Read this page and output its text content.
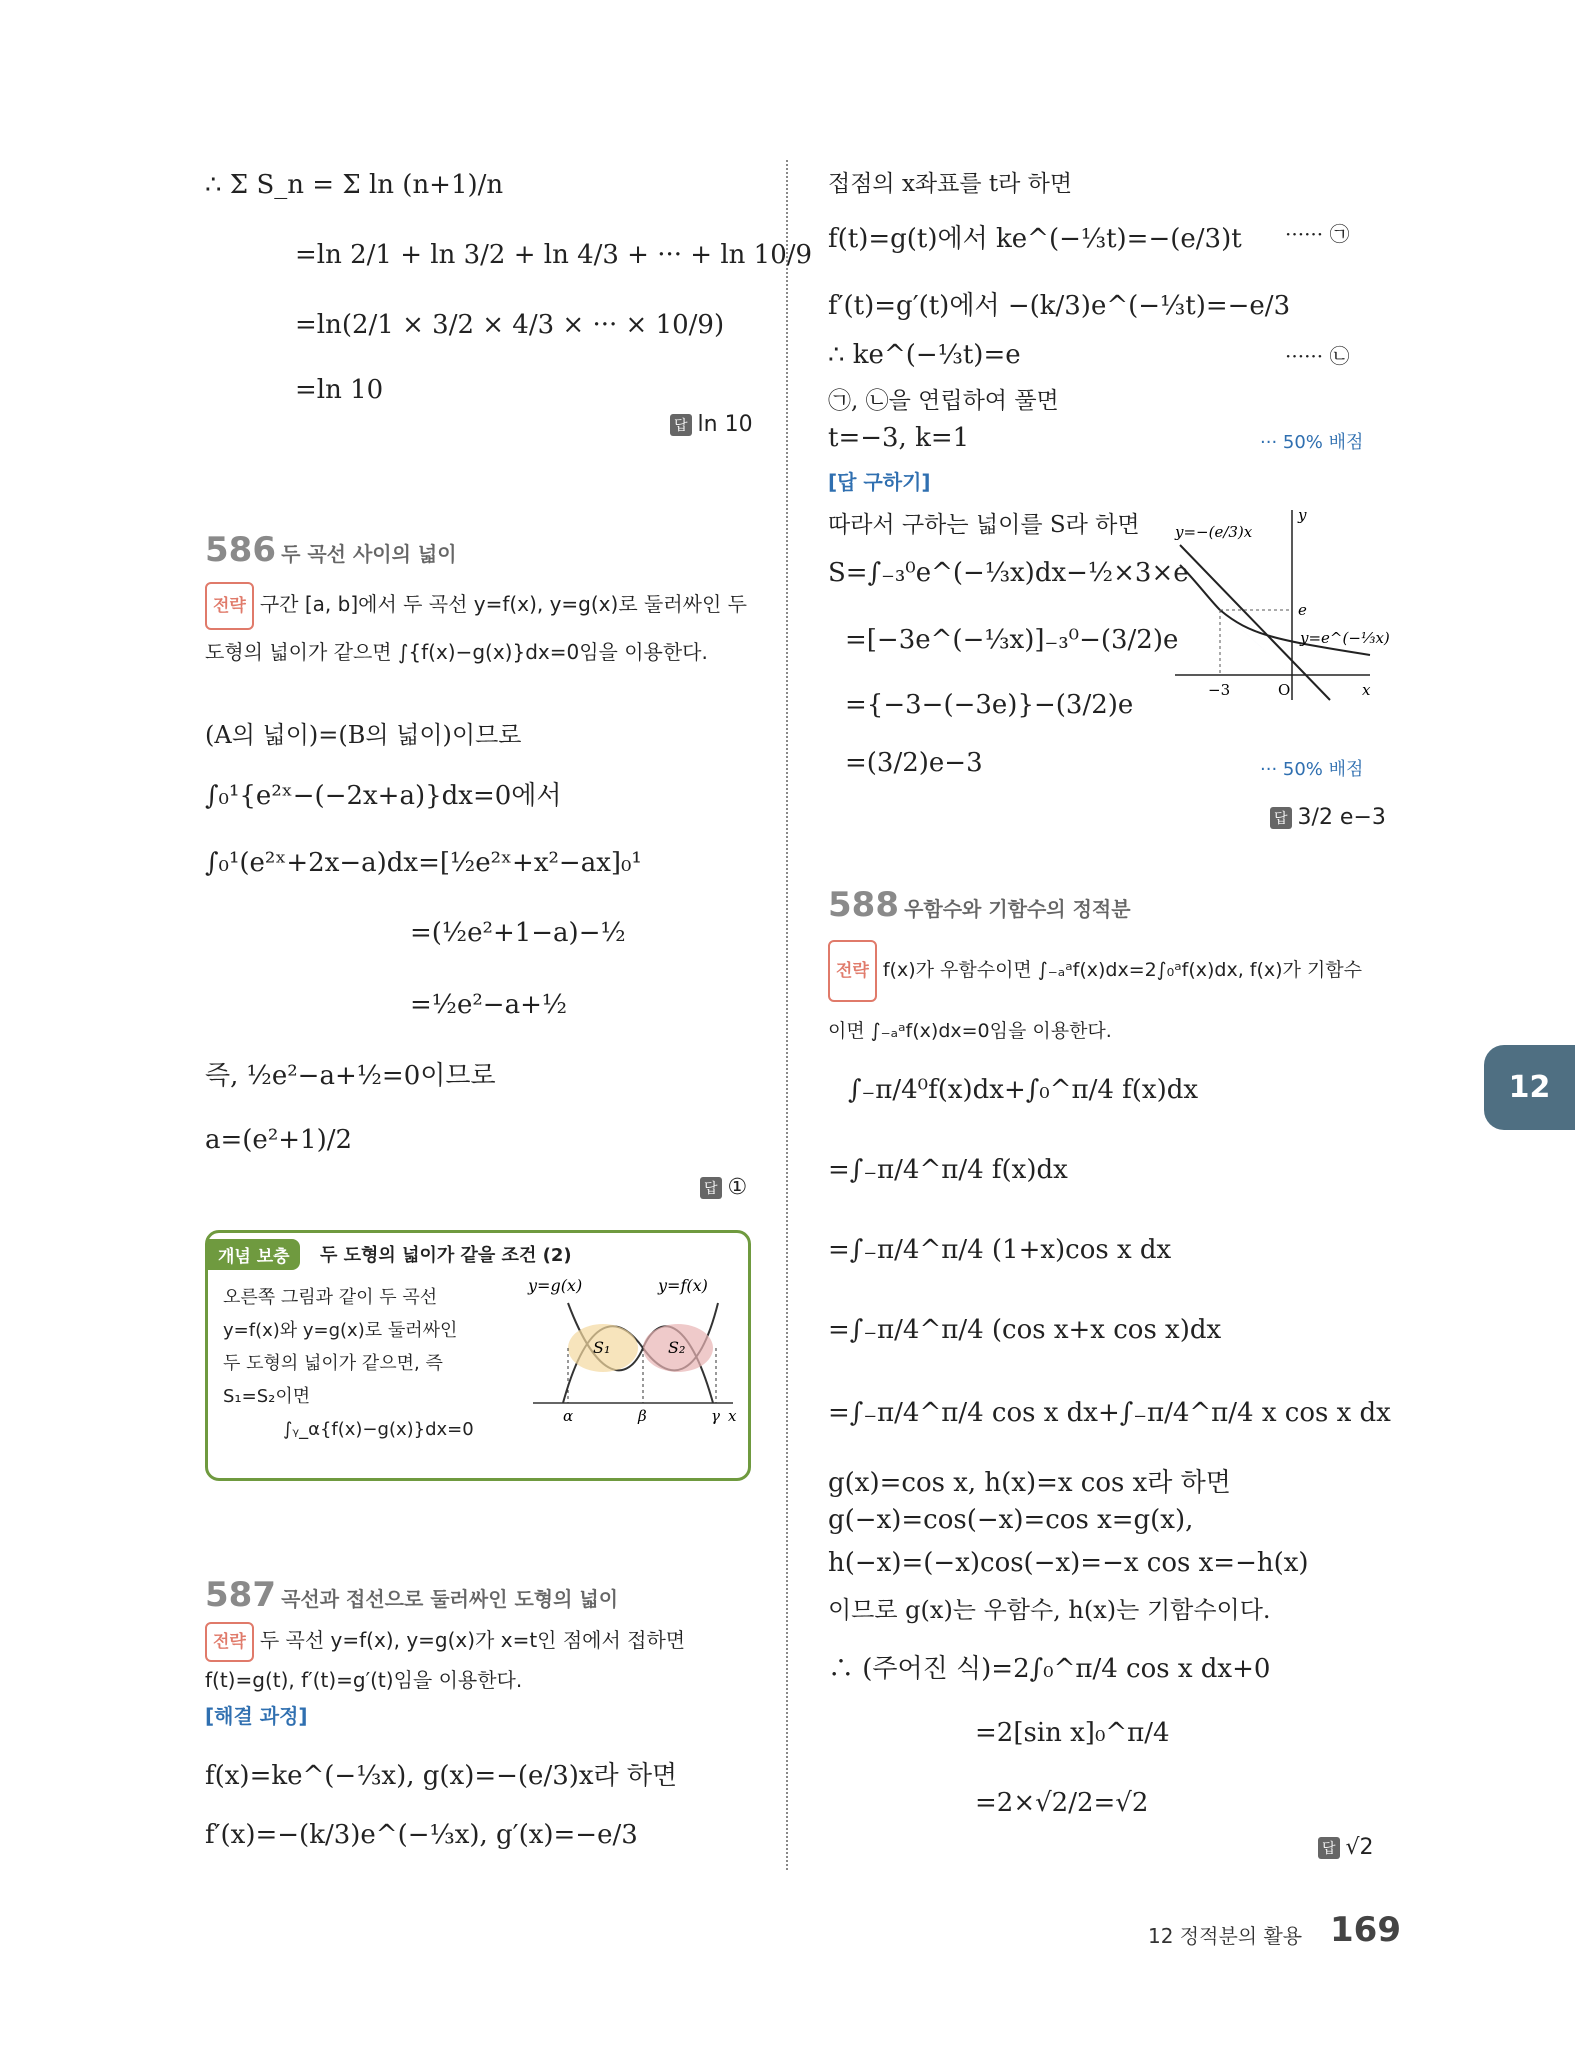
∴ Σ S_n = Σ ln (n+1)/n
=ln 2/1 + ln 3/2 + ln 4/3 + ··· + ln 10/9
=ln(2/1 × 3/2 × 4/3 × ··· × 10/9)
=ln 10
답 ln 10
586 두 곡선 사이의 넓이
전략 구간 [a, b]에서 두 곡선 y=f(x), y=g(x)로 둘러싸인 두 도형의 넓이가 같으면 ∫{f(x)−g(x)}dx=0임을 이용한다.
(A의 넓이)=(B의 넓이)이므로
∫₀¹{e²ˣ−(−2x+a)}dx=0에서
∫₀¹(e²ˣ+2x−a)dx=[½e²ˣ+x²−ax]₀¹
=(½e²+1−a)−½
=½e²−a+½
즉, ½e²−a+½=0이므로
a=(e²+1)/2
답 ①
개념 보충	두 도형의 넓이가 같을 조건 (2)
오른쪽 그림과 같이 두 곡선
y=f(x)와 y=g(x)로 둘러싸인
두 도형의 넓이가 같으면, 즉
S₁=S₂이면
∫ᵧ_α{f(x)−g(x)}dx=0
y=g(x)	y=f(x)
S₁	S₂
α	β	γ x
587 곡선과 접선으로 둘러싸인 도형의 넓이
전략 두 곡선 y=f(x), y=g(x)가 x=t인 점에서 접하면 f(t)=g(t), f′(t)=g′(t)임을 이용한다.
[해결 과정]
f(x)=ke^(−⅓x), g(x)=−(e/3)x라 하면
f′(x)=−(k/3)e^(−⅓x), g′(x)=−e/3
접점의 x좌표를 t라 하면
f(t)=g(t)에서 ke^(−⅓t)=−(e/3)t ······ ㉠
f′(t)=g′(t)에서 −(k/3)e^(−⅓t)=−e/3
∴ ke^(−⅓t)=e	······ ㉡
㉠, ㉡을 연립하여 풀면
t=−3, k=1	··· 50% 배점
[답 구하기]
따라서 구하는 넓이를 S라 하면
S=∫₋₃⁰e^(−⅓x)dx−½×3×e
=[−3e^(−⅓x)]₋₃⁰−(3/2)e
={−3−(−3e)}−(3/2)e
=(3/2)e−3	··· 50% 배점
답 3/2 e−3
y=−(e/3)x
e
y=e^(−⅓x)
y
x
−3	O
588 우함수와 기함수의 정적분
전략 f(x)가 우함수이면 ∫₋ₐᵃf(x)dx=2∫₀ᵃf(x)dx, f(x)가 기함수이면 ∫₋ₐᵃf(x)dx=0임을 이용한다.
∫₋π/4⁰f(x)dx+∫₀^π/4 f(x)dx
=∫₋π/4^π/4 f(x)dx
=∫₋π/4^π/4 (1+x)cos x dx
=∫₋π/4^π/4 (cos x+x cos x)dx
=∫₋π/4^π/4 cos x dx+∫₋π/4^π/4 x cos x dx
g(x)=cos x, h(x)=x cos x라 하면
g(−x)=cos(−x)=cos x=g(x),
h(−x)=(−x)cos(−x)=−x cos x=−h(x)
이므로 g(x)는 우함수, h(x)는 기함수이다.
∴ (주어진 식)=2∫₀^π/4 cos x dx+0
=2[sin x]₀^π/4
=2×√2/2=√2
답 √2
12
12 정적분의 활용 169
